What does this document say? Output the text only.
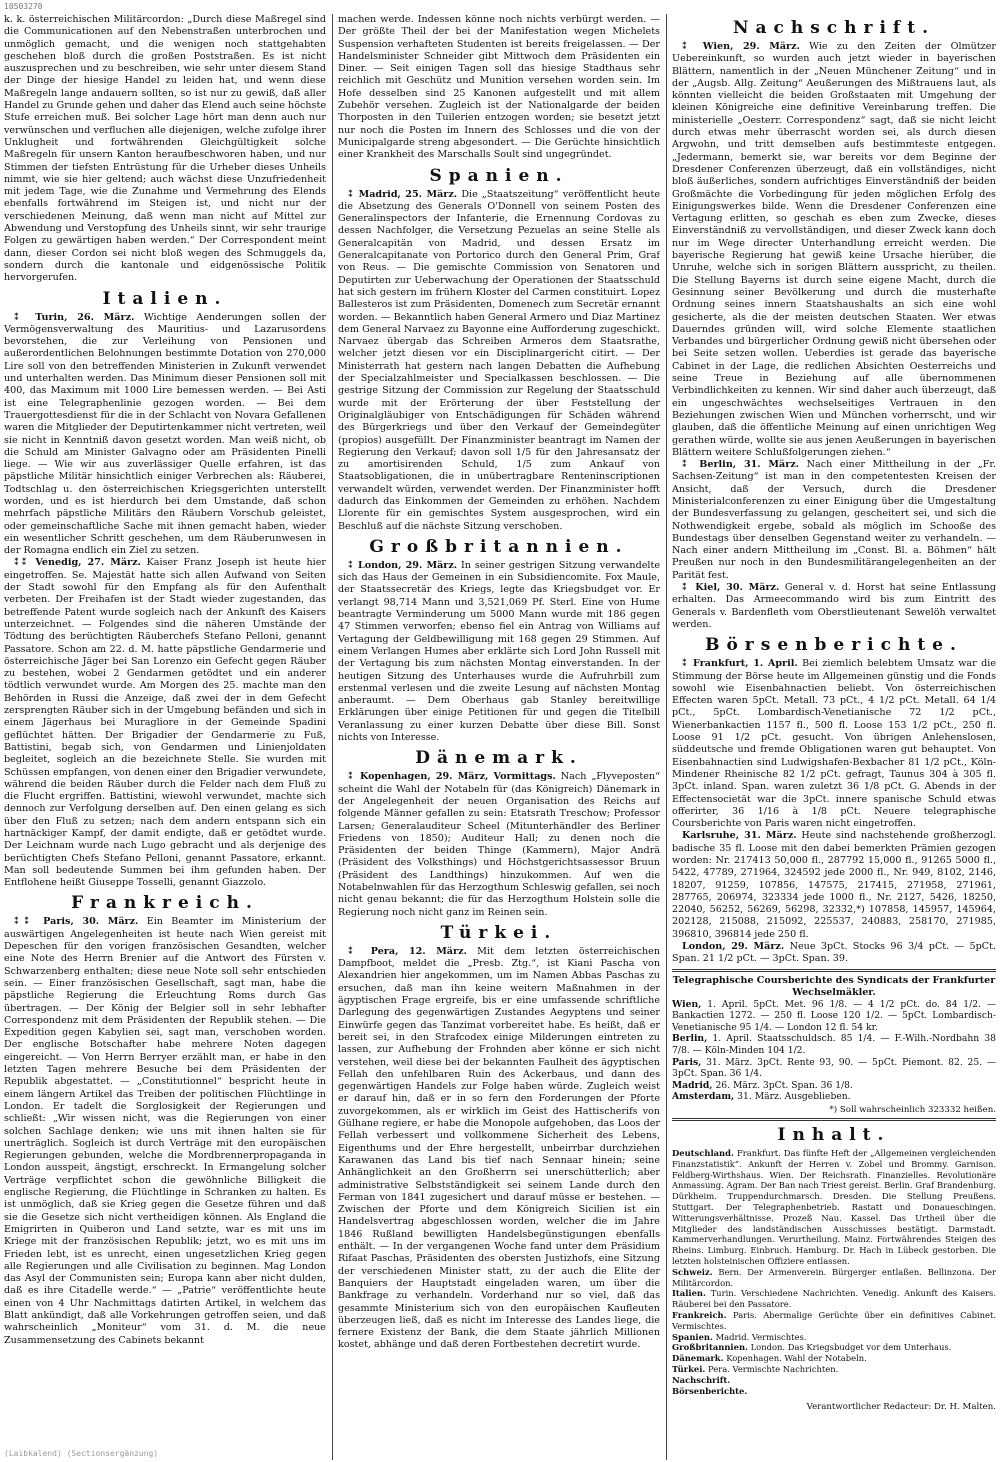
10503270

k. k. österreichischen Militärcordon: „Durch diese Maßregel sind die Communicationen auf den Nebenstraßen unterbrochen und unmöglich gemacht, und die wenigen noch stattgehabten geschehen bloß durch die großen Poststraßen. Es ist nicht auszusprechen und zu beschreiben, wie sehr unter diesem Stand der Dinge der hiesige Handel zu leiden hat, und wenn diese Maßregeln lange andauern sollten, so ist nur zu gewiß, daß aller Handel zu Grunde gehen und daher das Elend auch seine höchste Stufe erreichen muß. Bei solcher Lage hört man denn auch nur verwünschen und verfluchen alle diejenigen, welche zufolge ihrer Unklugheit und fortwährenden Gleichgültigkeit solche Maßregeln für unsern Kanton heraufbeschworen haben, und nur Stimmen der tiefsten Entrüstung für die Urheber dieses Unheils nimmt, wie sie hier geltend; auch wächst diese Unzufriedenheit mit jedem Tage, wie die Zunahme und Vermehrung des Elends ebenfalls fortwährend im Steigen ist, und nicht nur der verschiedenen Meinung, daß wenn man nicht auf Mittel zur Abwendung und Verstopfung des Unheils sinnt, wir sehr traurige Folgen zu gewärtigen haben werden.“ Der Correspondent meint dann, dieser Cordon sei nicht bloß wegen des Schmuggels da, sondern durch die kantonale und eidgenössische Politik hervorgerufen.

Italien.

⁑ Turin, 26. März. Wichtige Aenderungen sollen der Vermögensverwaltung des Mauritius- und Lazarusordens bevorstehen, die zur Verleihung von Pensionen und außerordentlichen Belohnungen bestimmte Dotation von 270,000 Lire soll von den betreffenden Ministerien in Zukunft verwendet und unterhalten werden. Das Minimum dieser Pensionen soll mit 400, das Maximum mit 1000 Lire bemessen werden. — Bei Asti ist eine Telegraphenlinie gezogen worden. — Bei dem Trauergottesdienst für die in der Schlacht von Novara Gefallenen waren die Mitglieder der Deputirtenkammer nicht vertreten, weil sie nicht in Kenntniß davon gesetzt worden. Man weiß nicht, ob die Schuld am Minister Galvagno oder am Präsidenten Pinelli liege. — Wie wir aus zuverlässiger Quelle erfahren, ist das päpstliche Militär hinsichtlich einiger Verbrechen als: Räuberei, Todtschlag u. den österreichischen Kriegsgerichten unterstellt worden, und es ist hierdurch bei dem Umstande, daß schon mehrfach päpstliche Militärs den Räubern Vorschub geleistet, oder gemeinschaftliche Sache mit ihnen gemacht haben, wieder ein wesentlicher Schritt geschehen, um dem Räuberunwesen in der Romagna endlich ein Ziel zu setzen.

⁑⁑ Venedig, 27. März. Kaiser Franz Joseph ist heute hier eingetroffen. Se. Majestät hatte sich allen Aufwand von Seiten der Stadt sowohl für den Empfang als für den Aufenthalt verbeten. Der Freihafen ist der Stadt wieder zugestanden, das betreffende Patent wurde sogleich nach der Ankunft des Kaisers unterzeichnet. — Folgendes sind die näheren Umstände der Tödtung des berüchtigten Räuberchefs Stefano Pelloni, genannt Passatore. Schon am 22. d. M. hatte päpstliche Gendarmerie und österreichische Jäger bei San Lorenzo ein Gefecht gegen Räuber zu bestehen, wobei 2 Gendarmen getödtet und ein anderer tödtlich verwundet wurde. Am Morgen des 25. machte man den Behörden in Russi die Anzeige, daß zwei der in dem Gefecht zersprengten Räuber sich in der Umgebung befänden und sich in einem Jägerhaus bei Muragliore in der Gemeinde Spadini geflüchtet hätten. Der Brigadier der Gendarmerie zu Fuß, Battistini, begab sich, von Gendarmen und Linienjoldaten begleitet, sogleich an die bezeichnete Stelle. Sie wurden mit Schüssen empfangen, von denen einer den Brigadier verwundete, während die beiden Räuber durch die Felder nach dem Fluß zu die Flucht ergriffen. Battistini, wiewohl verwundet, machte sich dennoch zur Verfolgung derselben auf. Den einen gelang es sich über den Fluß zu setzen; nach dem andern entspann sich ein hartnäckiger Kampf, der damit endigte, daß er getödtet wurde. Der Leichnam wurde nach Lugo gebracht und als derjenige des berüchtigten Chefs Stefano Pelloni, genannt Passatore, erkannt. Man soll bedeutende Summen bei ihm gefunden haben. Der Entflohene heißt Giuseppe Tosselli, genannt Giazzolo.

Frankreich.

⁑⁑ Paris, 30. März. Ein Beamter im Ministerium der auswärtigen Angelegenheiten ist heute nach Wien gereist mit Depeschen für den vorigen französischen Gesandten, welcher eine Note des Herrn Brenier auf die Antwort des Fürsten v. Schwarzenberg enthalten; diese neue Note soll sehr entschieden sein. — Einer französischen Gesellschaft, sagt man, habe die päpstliche Regierung die Erleuchtung Roms durch Gas übertragen. — Der König der Belgier soll in sehr lebhafter Correspondenz mit dem Präsidenten der Republik stehen. — Die Expedition gegen Kabylien sei, sagt man, verschoben worden. Der englische Botschafter habe mehrere Noten dagegen eingereicht. — Von Herrn Berryer erzählt man, er habe in den letzten Tagen mehrere Besuche bei dem Präsidenten der Republik abgestattet. — „Constitutionnel“ bespricht heute in einem längern Artikel das Treiben der politischen Flüchtlinge in London. Er tadelt die Sorglosigkeit der Regierungen und schließt: „Wir wissen nicht, was die Regierungen von einer solchen Sachlage denken; wie uns mit ihnen halten sie für unerträglich. Sogleich ist durch Verträge mit den europäischen Regierungen gebunden, welche die Mordbrennerpropaganda in London ausspeit, ängstigt, erschreckt. In Ermangelung solcher Verträge verpflichtet schon die gewöhnliche Billigkeit die englische Regierung, die Flüchtlinge in Schranken zu halten. Es ist unmöglich, daß sie Krieg gegen die Gesetze führen und daß sie die Gesetze sich nicht vertheidigen können. Als England die Emigrirten in Quiberon und Land setzte, war es mit uns im Kriege mit der französischen Republik; jetzt, wo es mit uns im Frieden lebt, ist es unrecht, einen ungesetzlichen Krieg gegen alle Regierungen und alle Civilisation zu beginnen. Mag London das Asyl der Communisten sein; Europa kann aber nicht dulden, daß es ihre Citadelle werde.“ — „Patrie“ veröffentlichte heute einen von 4 Uhr Nachmittags datirten Artikel, in welchem das Blatt ankündigt, daß alle Vorkehrungen getroffen seien, und daß wahrscheinlich „Moniteur“ vom 31. d. M. die neue Zusammensetzung des Cabinets bekannt

machen werde. Indessen könne noch nichts verbürgt werden. — Der größte Theil der bei der Manifestation wegen Michelets Suspension verhafteten Studenten ist bereits freigelassen. — Der Handelsminister Schneider gibt Mittwoch dem Präsidenten ein Diner. — Seit einigen Tagen soll das hiesige Stadthaus sehr reichlich mit Geschütz und Munition versehen worden sein. Im Hofe desselben sind 25 Kanonen aufgestellt und mit allem Zubehör versehen. Zugleich ist der Nationalgarde der beiden Thorposten in den Tuilerien entzogen worden; sie besetzt jetzt nur noch die Posten im Innern des Schlosses und die von der Municipalgarde streng abgesondert. — Die Gerüchte hinsichtlich einer Krankheit des Marschalls Soult sind ungegründet.

Spanien.

⁑ Madrid, 25. März. Die „Staatszeitung“ veröffentlicht heute die Absetzung des Generals O'Donnell von seinem Posten des Generalinspectors der Infanterie, die Ernennung Cordovas zu dessen Nachfolger, die Versetzung Pezuelas an seine Stelle als Generalcapitän von Madrid, und dessen Ersatz im Generalcapitanate von Portorico durch den General Prim, Graf von Reus. — Die gemischte Commission von Senatoren und Deputirten zur Ueberwachung der Operationen der Staatsschuld hat sich gestern im frühern Kloster del Carmen constituirt. Lopez Ballesteros ist zum Präsidenten, Domenech zum Secretär ernannt worden. — Bekanntlich haben General Armero und Diaz Martinez dem General Narvaez zu Bayonne eine Aufforderung zugeschickt. Narvaez übergab das Schreiben Armeros dem Staatsrathe, welcher jetzt diesen vor ein Disciplinargericht citirt. — Der Ministerrath hat gestern nach langen Debatten die Aufhebung der Specialzahlmeister und Specialkassen beschlossen. — Die gestrige Sitzung der Commission zur Regelung der Staatsschuld wurde mit der Erörterung der über Feststellung der Originalgläubiger von Entschädigungen für Schäden während des Bürgerkriegs und über den Verkauf der Gemeindegüter (propios) ausgefüllt. Der Finanzminister beantragt im Namen der Regierung den Verkauf; davon soll 1/5 für den Jahresansatz der zu amortisirenden Schuld, 1/5 zum Ankauf von Staatsobligationen, die in unübertragbare Renteninscriptionen verwandelt würden, verwendet werden. Der Finanzminister hofft dadurch das Einkommen der Gemeinden zu erhöhen. Nachdem Llorente für ein gemischtes System ausgesprochen, wird ein Beschluß auf die nächste Sitzung verschoben.

Großbritannien.

⁑ London, 29. März. In seiner gestrigen Sitzung verwandelte sich das Haus der Gemeinen in ein Subsidiencomite. Fox Maule, der Staatssecretär des Kriegs, legte das Kriegsbudget vor. Er verlangt 98,714 Mann und 3,521,069 Pf. Sterl. Eine von Hume beantragte Verminderung um 5000 Mann wurde mit 186 gegen 47 Stimmen verworfen; ebenso fiel ein Antrag von Williams auf Vertagung der Geldbewilligung mit 168 gegen 29 Stimmen. Auf einem Verlangen Humes aber erklärte sich Lord John Russell mit der Vertagung bis zum nächsten Montag einverstanden. In der heutigen Sitzung des Unterhauses wurde die Aufruhrbill zum erstenmal verlesen und die zweite Lesung auf nächsten Montag anberaumt. — Dem Oberhaus gab Stanley bereitwillige Erklärungen über einige Petitionen für und gegen die Titelbill Veranlassung zu einer kurzen Debatte über diese Bill. Sonst nichts von Interesse.

Dänemark.

⁑ Kopenhagen, 29. März, Vormittags. Nach „Flyveposten“ scheint die Wahl der Notabeln für (das Königreich) Dänemark in der Angelegenheit der neuen Organisation des Reichs auf folgende Männer gefallen zu sein: Etatsrath Treschow; Professor Larsen; Generalauditeur Scheel (Mitunterhändler des Berliner Friedens von 1850); Auditeur Hall; zu denen noch die Präsidenten der beiden Thinge (Kammern), Major Andrä (Präsident des Volksthings) und Höchstgerichtsassessor Bruun (Präsident des Landthings) hinzukommen. Auf wen die Notabelnwahlen für das Herzogthum Schleswig gefallen, sei noch nicht genau bekannt; die für das Herzogthum Holstein solle die Regierung noch nicht ganz im Reinen sein.

Türkei.

⁑ Pera, 12. März. Mit dem letzten österreichischen Dampfboot, meldet die „Presb. Ztg.“, ist Kiani Pascha von Alexandrien hier angekommen, um im Namen Abbas Paschas zu ersuchen, daß man ihn keine weitern Maßnahmen in der ägyptischen Frage ergreife, bis er eine umfassende schriftliche Darlegung des gegenwärtigen Zustandes Aegyptens und seiner Einwürfe gegen das Tanzimat vorbereitet habe. Es heißt, daß er bereit sei, in den Strafcodex einige Milderungen eintreten zu lassen, zur Aufhebung der Frohnden aber könne er sich nicht verstehen, weil diese bei der bekannten Faulheit des ägyptischen Fellah den unfehlbaren Ruin des Ackerbaus, und dann des gegenwärtigen Handels zur Folge haben würde. Zugleich weist er darauf hin, daß er in so fern den Forderungen der Pforte zuvorgekommen, als er wirklich im Geist des Hattischerifs von Gülhane regiere, er habe die Monopole aufgehoben, das Loos der Fellah verbessert und vollkommene Sicherheit des Lebens, Eigenthums und der Ehre hergestellt, unbeirrbar durchziehen Karawanen das Land bis tief nach Sennaar hinein; seine Anhänglichkeit an den Großherrn sei unerschütterlich; aber administrative Selbstständigkeit sei seinem Lande durch den Ferman von 1841 zugesichert und darauf müsse er bestehen. — Zwischen der Pforte und dem Königreich Sicilien ist ein Handelsvertrag abgeschlossen worden, welcher die im Jahre 1846 Rußland bewilligten Handelsbegünstigungen ebenfalls enthält. — In der vergangenen Woche fand unter dem Präsidium Rifaat Paschas, Präsidenten des obersten Justizhofs, eine Sitzung der verschiedenen Minister statt, zu der auch die Elite der Banquiers der Hauptstadt eingeladen waren, um über die Bankfrage zu verhandeln. Vorderhand nur so viel, daß das gesammte Ministerium sich von den europäischen Kaufleuten überzeugen ließ, daß es nicht im Interesse des Landes liege, die fernere Existenz der Bank, die dem Staate jährlich Millionen kostet, abhänge und daß deren Fortbestehen decretirt wurde.

Nachschrift.

⁑ Wien, 29. März. Wie zu den Zeiten der Olmützer Uebereinkunft, so wurden auch jetzt wieder in bayerischen Blättern, namentlich in der „Neuen Münchener Zeitung“ und in der „Augsb. Allg. Zeitung“ Aeußerungen des Mißtrauens laut, als könnten vielleicht die beiden Großstaaten mit Umgehung der kleinen Königreiche eine definitive Vereinbarung treffen. Die ministerielle „Oesterr. Correspondenz“ sagt, daß sie nicht leicht durch etwas mehr überrascht worden sei, als durch diesen Argwohn, und tritt demselben aufs bestimmteste entgegen. „Jedermann, bemerkt sie, war bereits vor dem Beginne der Dresdener Conferenzen überzeugt, daß ein vollständiges, nicht bloß äußerliches, sondern aufrichtiges Einverständniß der beiden Großmächte die Vorbedingung für jeden möglichen Erfolg des Einigungswerkes bilde. Wenn die Dresdener Conferenzen eine Vertagung erlitten, so geschah es eben zum Zwecke, dieses Einverständniß zu vervollständigen, und dieser Zweck kann doch nur im Wege directer Unterhandlung erreicht werden. Die bayerische Regierung hat gewiß keine Ursache hierüber, die Unruhe, welche sich in sorigen Blättern ausspricht, zu theilen. Die Stellung Bayerns ist durch seine eigene Macht, durch die Gesinnung seiner Bevölkerung und durch die musterhafte Ordnung seines innern Staatshaushalts an sich eine wohl gesicherte, als die der meisten deutschen Staaten. Wer etwas Dauerndes gründen will, wird solche Elemente staatlichen Verbandes und bürgerlicher Ordnung gewiß nicht übersehen oder bei Seite setzen wollen. Ueberdies ist gerade das bayerische Cabinet in der Lage, die redlichen Absichten Oesterreichs und seine Treue in Beziehung auf alle übernommenen Verbindlichkeiten zu kennen. Wir sind daher auch überzeugt, daß ein ungeschwächtes wechselseitiges Vertrauen in den Beziehungen zwischen Wien und München vorherrscht, und wir glauben, daß die öffentliche Meinung auf einen unrichtigen Weg gerathen würde, wollte sie aus jenen Aeußerungen in bayerischen Blättern weitere Schlußfolgerungen ziehen.“

⁑ Berlin, 31. März. Nach einer Mittheilung in der „Fr. Sachsen-Zeitung“ ist man in den competentesten Kreisen der Ansicht, daß der Versuch, durch die Dresdener Ministerialconferenzen zu einer Einigung über die Umgestaltung der Bundesverfassung zu gelangen, gescheitert sei, und sich die Nothwendigkeit ergebe, sobald als möglich im Schooße des Bundestags über denselben Gegenstand weiter zu verhandeln. — Nach einer andern Mittheilung im „Const. Bl. a. Böhmen“ hält Preußen nur noch in den Bundesmilitärangelegenheiten an der Parität fest.

⁑ Kiel, 30. März. General v. d. Horst hat seine Entlassung erhalten. Das Armeecommando wird bis zum Eintritt des Generals v. Bardenfleth vom Oberstlieutenant Sewelöh verwaltet werden.

Börsenberichte.

⁑ Frankfurt, 1. April. Bei ziemlich belebtem Umsatz war die Stimmung der Börse heute im Allgemeinen günstig und die Fonds sowohl wie Eisenbahnactien beliebt. Von österreichischen Effecten waren 5pCt. Metall. 73 pCt., 4 1/2 pCt. Metall. 64 1/4 pCt., 5pCt. Lombardisch-Venetianische 72 1/2 pCt., Wienerbankactien 1157 fl., 500 fl. Loose 153 1/2 pCt., 250 fl. Loose 91 1/2 pCt. gesucht. Von übrigen Anlehenslosen, süddeutsche und fremde Obligationen waren gut behauptet. Von Eisenbahnactien sind Ludwigshafen-Bexbacher 81 1/2 pCt., Köln-Mindener Rheinische 82 1/2 pCt. gefragt, Taunus 304 à 305 fl. 3pCt. inland. Span. waren zuletzt 36 1/8 pCt. G. Abends in der Effectensocietät war die 3pCt. innere spanische Schuld etwas offerirter, 36 1/16 à 1/8 pCt. Neuere telegraphische Coursberichte von Paris waren nicht eingetroffen.

Karlsruhe, 31. März. Heute sind nachstehende großherzogl. badische 35 fl. Loose mit den dabei bemerkten Prämien gezogen worden: Nr. 217413 50,000 fl., 287792 15,000 fl., 91265 5000 fl., 5422, 47789, 271964, 324592 jede 2000 fl., Nr. 949, 8102, 2146, 18207, 91259, 107856, 147575, 217415, 271958, 271961, 287765, 206974, 323334 jede 1000 fl., Nr. 2127, 5426, 18250, 22040, 56252, 56269, 56298, 32332,*) 107858, 145957, 145964, 202128, 215088, 215092, 225537, 240883, 258170, 271985, 396810, 396814 jede 250 fl.

London, 29. März. Neue 3pCt. Stocks 96 3/4 pCt. — 5pCt. Span. 21 1/2 pCt. — 3pCt. Span. 39.

Telegraphische Coursberichte des Syndicats der Frankfurter Wechselmäkler.
Wien, 1. April. 5pCt. Met. 96 1/8. — 4 1/2 pCt. do. 84 1/2. — Bankactien 1272. — 250 fl. Loose 120 1/2. — 5pCt. Lombardisch-Venetianische 95 1/4. — London 12 fl. 54 kr.
Berlin, 1. April. Staatsschuldsch. 85 1/4. — F.-Wilh.-Nordbahn 38 7/8. — Köln-Minden 104 1/2.
Paris, 31. März. 3pCt. Rente 93, 90. — 5pCt. Piemont. 82. 25. — 3pCt. Span. 36 1/4.
Madrid, 26. März. 3pCt. Span. 36 1/8.
Amsterdam, 31. März. Ausgeblieben.
*) Soll wahrscheinlich 323332 heißen.
Inhalt.

Deutschland. Frankfurt. Das fünfte Heft der „Allgemeinen vergleichenden Finanzstatistik“. Ankunft der Herren v. Zobel und Brommy. Garnison. Feldberg-Wirthshaus. Wien. Der Reichsrath. Finanzielles. Revolutionäre Anmassung. Agram. Der Ban nach Triest gereist. Berlin. Graf Brandenburg. Dürkheim. Truppendurchmarsch. Dresden. Die Stellung Preußens. Stuttgart. Der Telegraphenbetrieb. Rastatt und Donaueschingen. Witterungsverhältnisse. Prozeß Nau. Kassel. Das Urtheil über die Mitglieder des landständischen Ausschusses bestätigt. Darmstadt. Kammerverhandlungen. Verurtheilung. Mainz. Fortwährendes Steigen des Rheins. Limburg. Einbruch. Hamburg. Dr. Hach in Lübeck gestorben. Die letzten holsteinischen Offiziere entlassen.

Schweiz. Bern. Der Armenverein. Bürgerger entlaßen. Bellinzona. Der Militärcordon.

Italien. Turin. Verschiedene Nachrichten. Venedig. Ankunft des Kaisers. Räuberei bei den Passatore.

Frankreich. Paris. Abermalige Gerüchte über ein definitives Cabinet. Vermischtes.

Spanien. Madrid. Vermischtes.

Großbritannien. London. Das Kriegsbudget vor dem Unterhaus.

Dänemark. Kopenhagen. Wahl der Notabeln.

Türkei. Pera. Vermischte Nachrichten.

Nachschrift.

Börsenberichte.

Verantwortlicher Redacteur: Dr. H. Malten.
(Laibkalend) (Sectionsergänzung)
